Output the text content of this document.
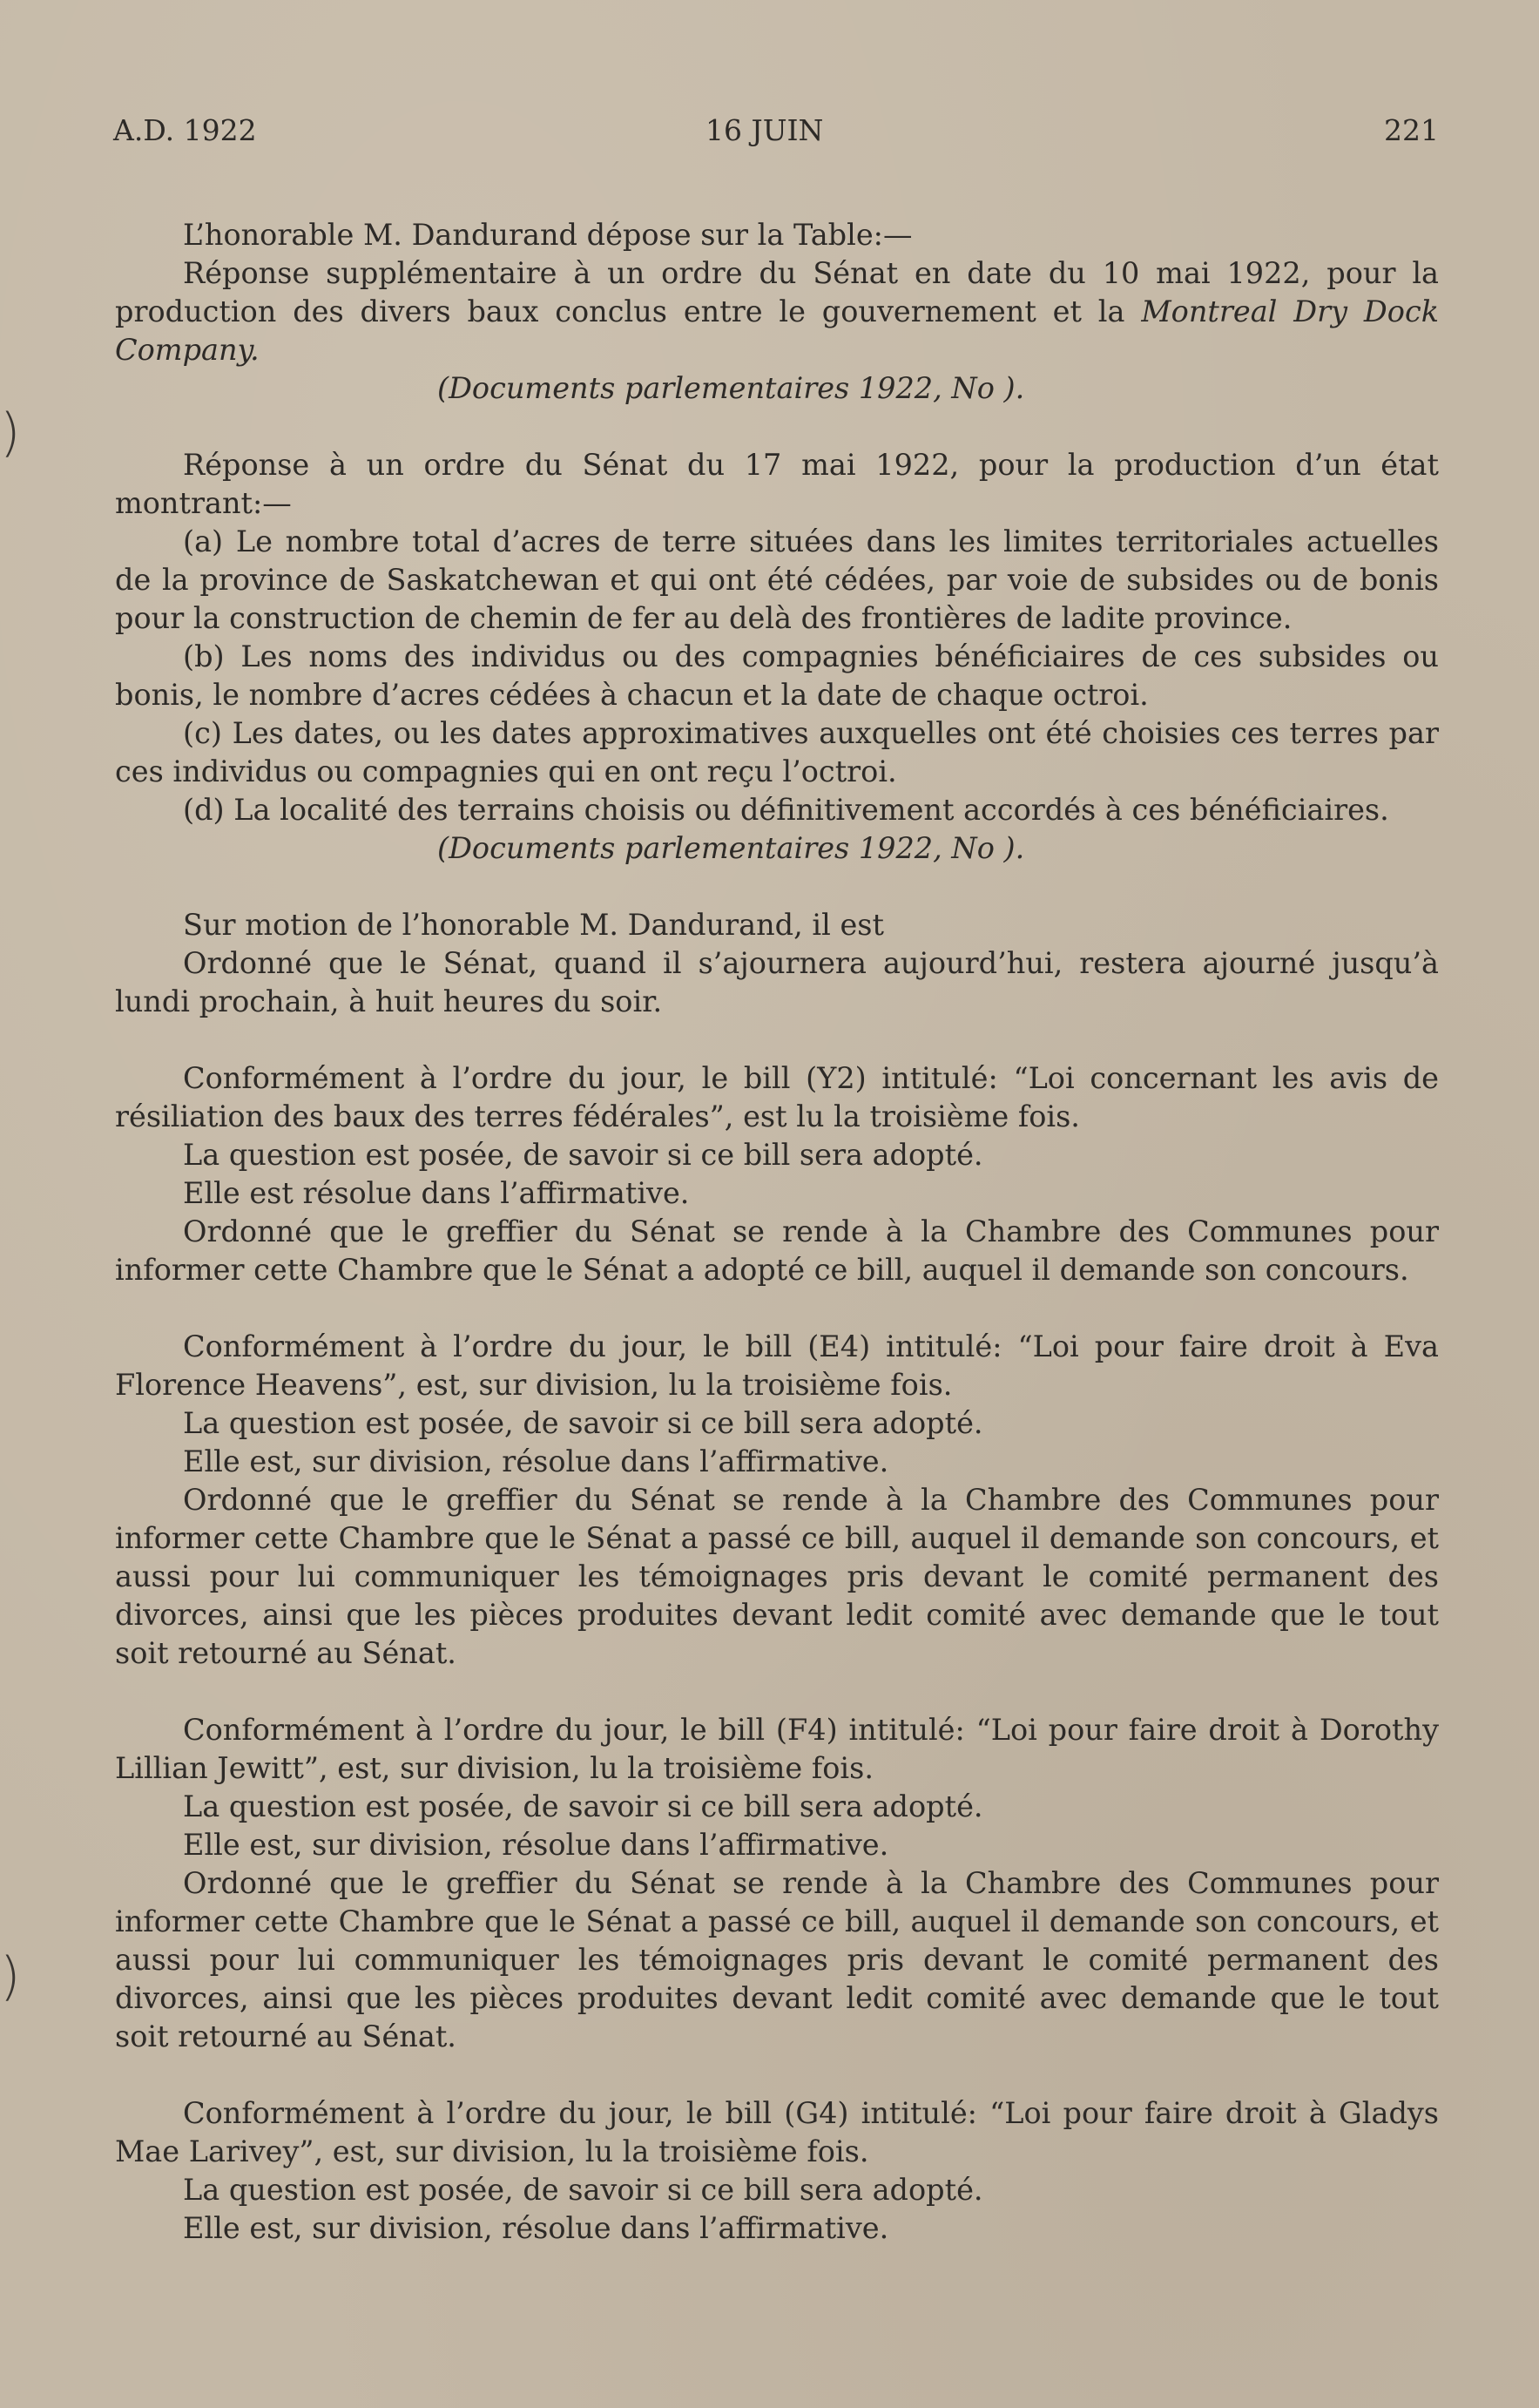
A.D. 1922	16 JUIN	221
)
)

L’honorable M. Dandurand dépose sur la Table:—

Réponse supplémentaire à un ordre du Sénat en date du 10 mai 1922, pour la production des divers baux conclus entre le gouvernement et la Montreal Dry Dock Company.

(Documents parlementaires 1922, No ).

Réponse à un ordre du Sénat du 17 mai 1922, pour la production d’un état montrant:—

(a) Le nombre total d’acres de terre situées dans les limites territoriales actuelles de la province de Saskatchewan et qui ont été cédées, par voie de subsides ou de bonis pour la construction de chemin de fer au delà des frontières de ladite province.

(b) Les noms des individus ou des compagnies bénéficiaires de ces subsides ou bonis, le nombre d’acres cédées à chacun et la date de chaque octroi.

(c) Les dates, ou les dates approximatives auxquelles ont été choisies ces terres par ces individus ou compagnies qui en ont reçu l’octroi.

(d) La localité des terrains choisis ou définitivement accordés à ces bénéficiaires.

(Documents parlementaires 1922, No ).

Sur motion de l’honorable M. Dandurand, il est

Ordonné que le Sénat, quand il s’ajournera aujourd’hui, restera ajourné jusqu’à lundi prochain, à huit heures du soir.

Conformément à l’ordre du jour, le bill (Y2) intitulé: “Loi concernant les avis de résiliation des baux des terres fédérales”, est lu la troisième fois.

La question est posée, de savoir si ce bill sera adopté.

Elle est résolue dans l’affirmative.

Ordonné que le greffier du Sénat se rende à la Chambre des Communes pour informer cette Chambre que le Sénat a adopté ce bill, auquel il demande son concours.

Conformément à l’ordre du jour, le bill (E4) intitulé: “Loi pour faire droit à Eva Florence Heavens”, est, sur division, lu la troisième fois.

La question est posée, de savoir si ce bill sera adopté.

Elle est, sur division, résolue dans l’affirmative.

Ordonné que le greffier du Sénat se rende à la Chambre des Communes pour informer cette Chambre que le Sénat a passé ce bill, auquel il demande son concours, et aussi pour lui communiquer les témoignages pris devant le comité permanent des divorces, ainsi que les pièces produites devant ledit comité avec demande que le tout soit retourné au Sénat.

Conformément à l’ordre du jour, le bill (F4) intitulé: “Loi pour faire droit à Dorothy Lillian Jewitt”, est, sur division, lu la troisième fois.

La question est posée, de savoir si ce bill sera adopté.

Elle est, sur division, résolue dans l’affirmative.

Ordonné que le greffier du Sénat se rende à la Chambre des Communes pour informer cette Chambre que le Sénat a passé ce bill, auquel il demande son concours, et aussi pour lui communiquer les témoignages pris devant le comité permanent des divorces, ainsi que les pièces produites devant ledit comité avec demande que le tout soit retourné au Sénat.

Conformément à l’ordre du jour, le bill (G4) intitulé: “Loi pour faire droit à Gladys Mae Larivey”, est, sur division, lu la troisième fois.

La question est posée, de savoir si ce bill sera adopté.

Elle est, sur division, résolue dans l’affirmative.
